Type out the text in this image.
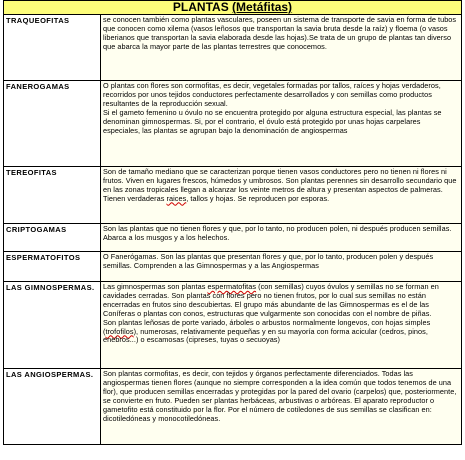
PLANTAS (Metáfitas)
TRAQUEOFITAS	se conocen también como plantas vasculares, poseen un sistema de transporte de savia en forma de tubos que conocen como xilema (vasos leñosos que transportan la savia bruta desde la raíz) y floema (o vasos liberianos que transportan la savia elaborada desde las hojas).Se trata de un grupo de plantas tan diverso que abarca la mayor parte de las plantas terrestres que conocemos.

FANEROGAMAS	O plantas con flores son cormofitas, es decir, vegetales formadas por tallos, raíces y hojas verdaderos, recorridos por unos tejidos conductores perfectamente desarrollados y con semillas como productos resultantes de la reproducción sexual.

Si el gameto femenino u óvulo no se encuentra protegido por alguna estructura especial, las plantas se denominan gimnospermas. Si, por el contrario, el óvulo está protegido por unas hojas carpelares especiales, las plantas se agrupan bajo la denominación de angiospermas

TEREOFITAS	Son de tamaño mediano que se caracterizan porque tienen vasos conductores pero no tienen ni flores ni frutos. Viven en lugares frescos, húmedos y umbrosos. Son plantas perennes sin desarrollo secundario que en las zonas tropicales llegan a alcanzar los veinte metros de altura y presentan aspectos de palmeras. Tienen verdaderas raices, tallos y hojas. Se reproducen por esporas.

CRIPTOGAMAS	Son las plantas que no tienen flores y que, por lo tanto, no producen polen, ni después producen semillas. Abarca a los musgos y a los helechos.

ESPERMATOFITOS	O Fanerógamas. Son las plantas que presentan flores y que, por lo tanto, producen polen y después semillas. Comprenden a las Gimnospermas y a las Angiospermas

LAS GIMNOSPERMAS.	Las gimnospermas son plantas espermatofitas (con semillas) cuyos óvulos y semillas no se forman en cavidades cerradas. Son plantas con flores pero no tienen frutos, por lo cual sus semillas no están encerradas en frutos sino descubiertas. El grupo más abundante de las Gimnospermas es el de las Coníferas o plantas con conos, estructuras que vulgarmente son conocidas con el nombre de piñas.

Son plantas leñosas de porte variado, árboles o arbustos normalmente longevos, con hojas simples (trofofilos), numerosas, relativamente pequeñas y en su mayoría con forma acicular (cedros, pinos, enebros...) o escamosas (cipreses, tuyas o secuoyas)

LAS ANGIOSPERMAS.	Son plantas cormofitas, es decir, con tejidos y órganos perfectamente diferenciados. Todas las angiospermas tienen flores (aunque no siempre corresponden a la idea común que todos tenemos de una flor), que producen semillas encerradas y protegidas por la pared del ovario (carpelos) que, posteriormente, se convierte en fruto. Pueden ser plantas herbáceas, arbustivas o arbóreas. El aparato reproductor o gametofito está constituido por la flor. Por el número de cotiledones de sus semillas se clasifican en: dicotiledóneas y monocotiledóneas.
